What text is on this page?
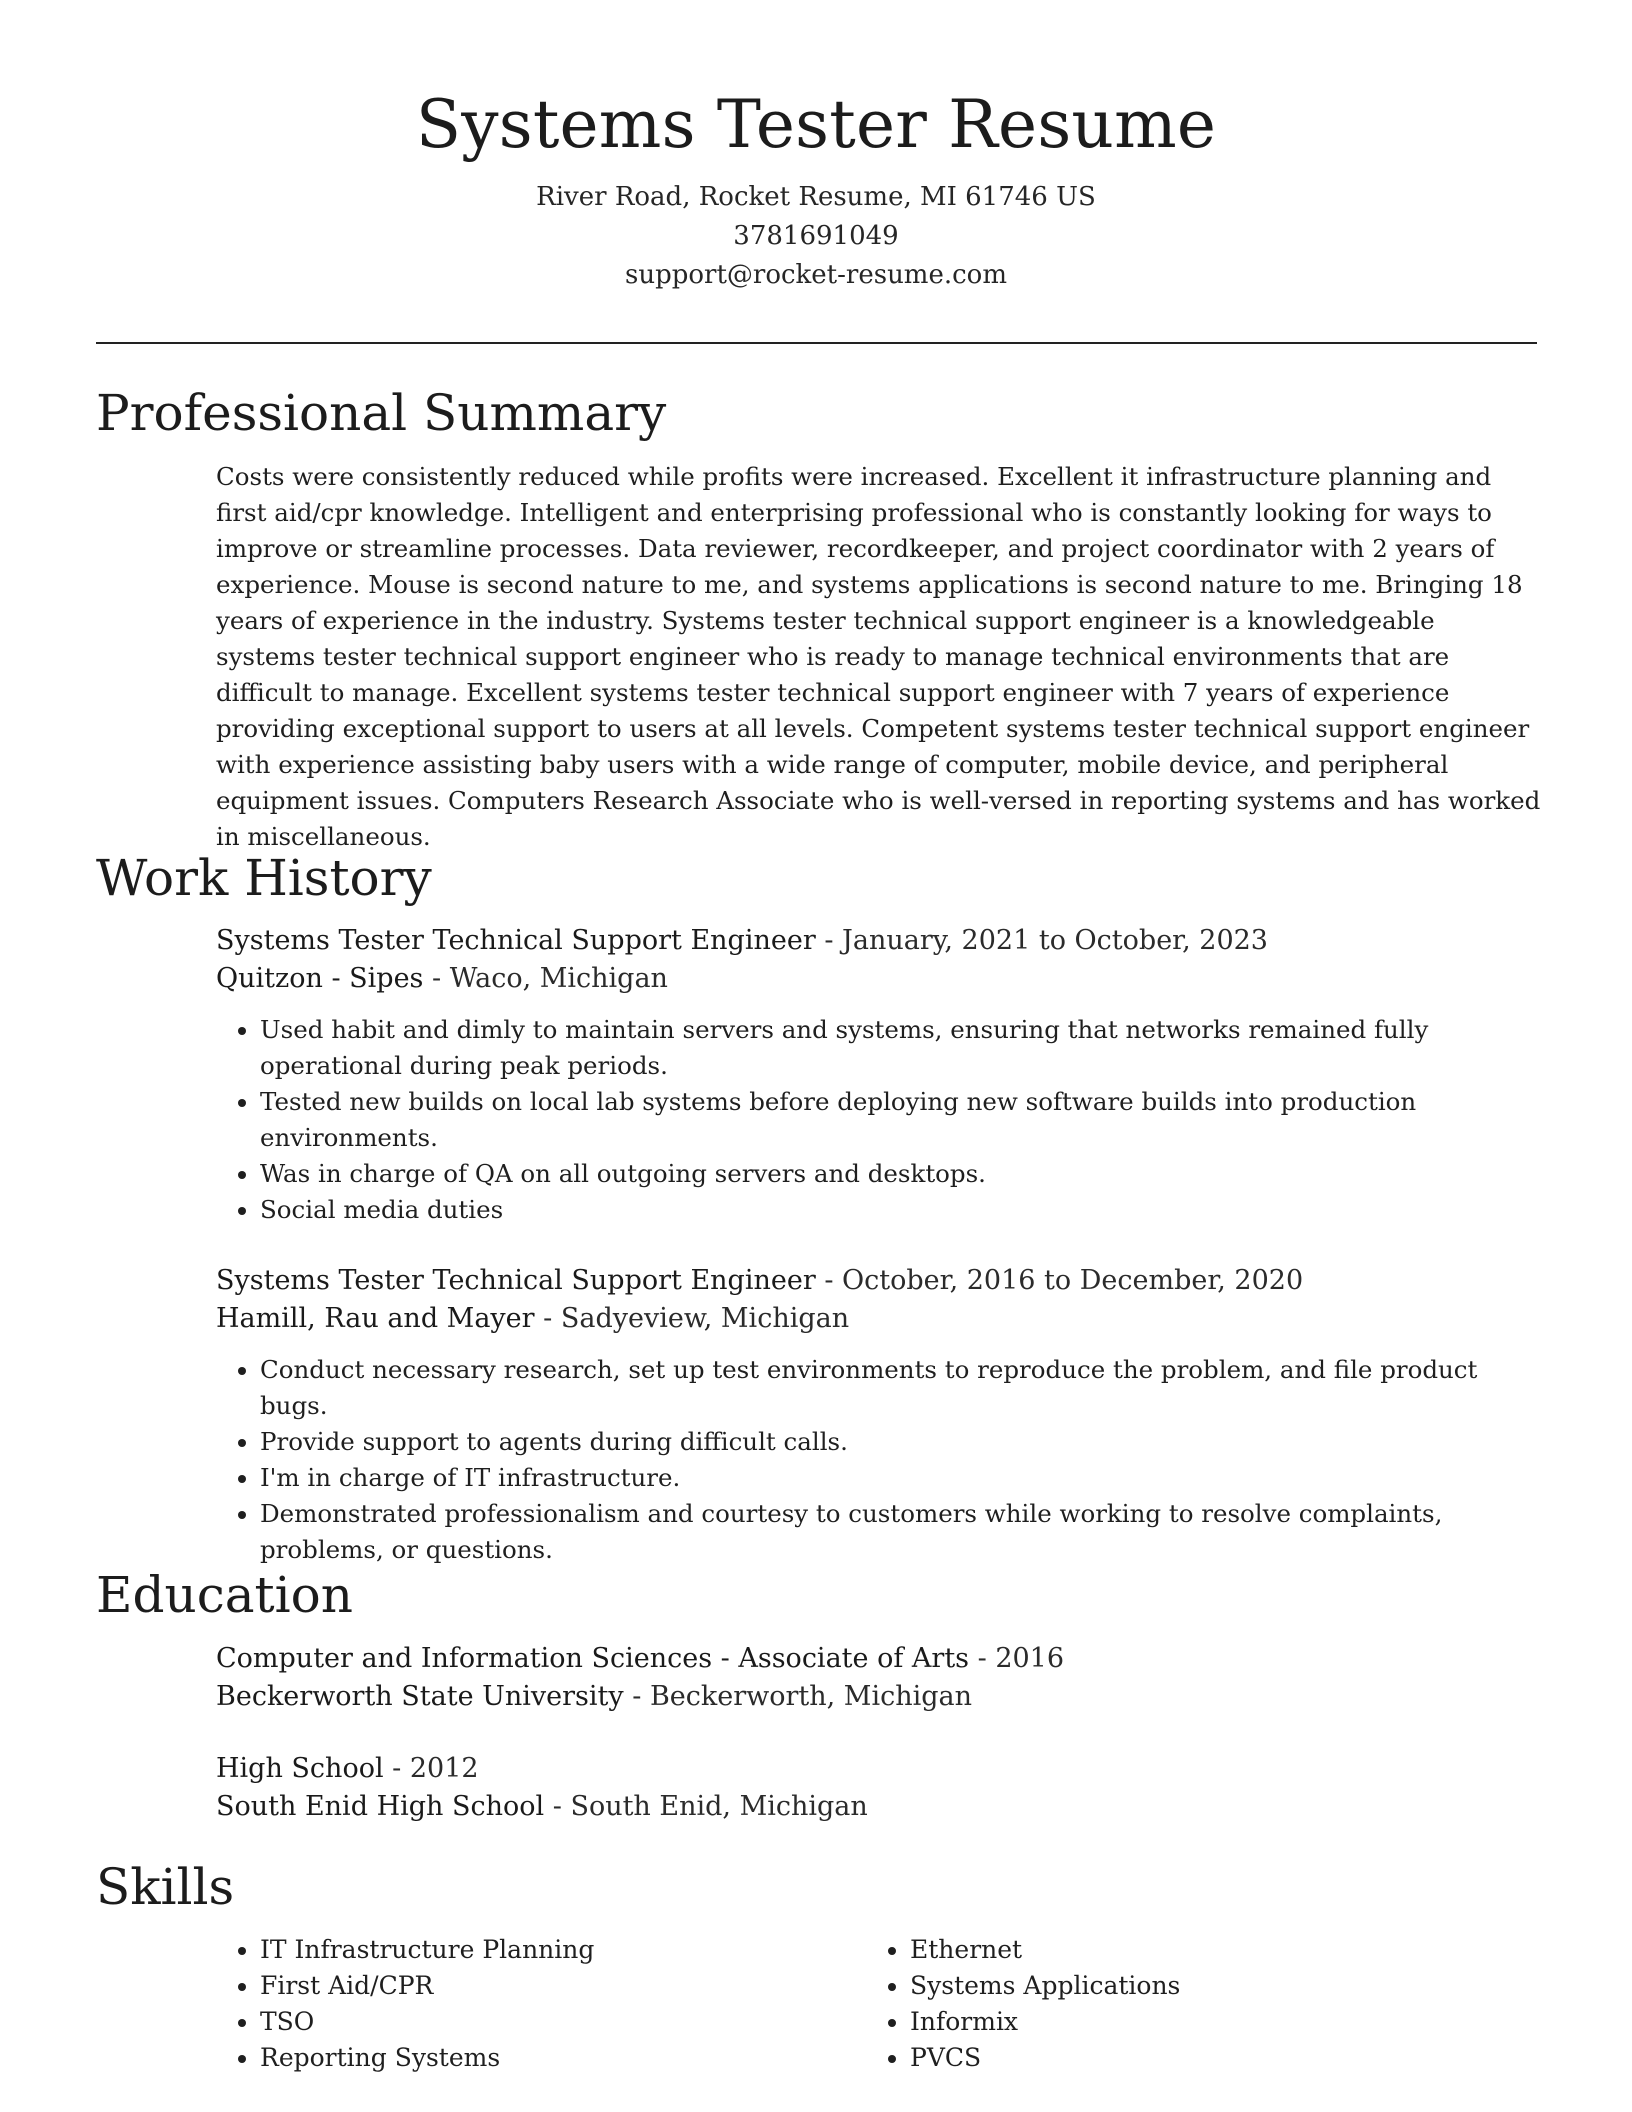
Systems Tester Resume
River Road, Rocket Resume, MI 61746 US
3781691049
support@rocket-resume.com
Professional Summary

Costs were consistently reduced while profits were increased. Excellent it infrastructure planning and first aid/cpr knowledge. Intelligent and enterprising professional who is constantly looking for ways to improve or streamline processes. Data reviewer, recordkeeper, and project coordinator with 2 years of experience. Mouse is second nature to me, and systems applications is second nature to me. Bringing 18 years of experience in the industry. Systems tester technical support engineer is a knowledgeable systems tester technical support engineer who is ready to manage technical environments that are difficult to manage. Excellent systems tester technical support engineer with 7 years of experience providing exceptional support to users at all levels. Competent systems tester technical support engineer with experience assisting baby users with a wide range of computer, mobile device, and peripheral equipment issues. Computers Research Associate who is well-versed in reporting systems and has worked in miscellaneous.

Work History

Systems Tester Technical Support Engineer - January, 2021 to October, 2023

Quitzon - Sipes - Waco, Michigan

• Used habit and dimly to maintain servers and systems, ensuring that networks remained fully operational during peak periods.
• Tested new builds on local lab systems before deploying new software builds into production environments.
• Was in charge of QA on all outgoing servers and desktops.
• Social media duties

Systems Tester Technical Support Engineer - October, 2016 to December, 2020

Hamill, Rau and Mayer - Sadyeview, Michigan

• Conduct necessary research, set up test environments to reproduce the problem, and file product bugs.
• Provide support to agents during difficult calls.
• I'm in charge of IT infrastructure.
• Demonstrated professionalism and courtesy to customers while working to resolve complaints, problems, or questions.
Education

Computer and Information Sciences - Associate of Arts - 2016

Beckerworth State University - Beckerworth, Michigan

High School - 2012

South Enid High School - South Enid, Michigan

Skills
• IT Infrastructure Planning
• First Aid/CPR
• TSO
• Reporting Systems
• Ethernet
• Systems Applications
• Informix
• PVCS
